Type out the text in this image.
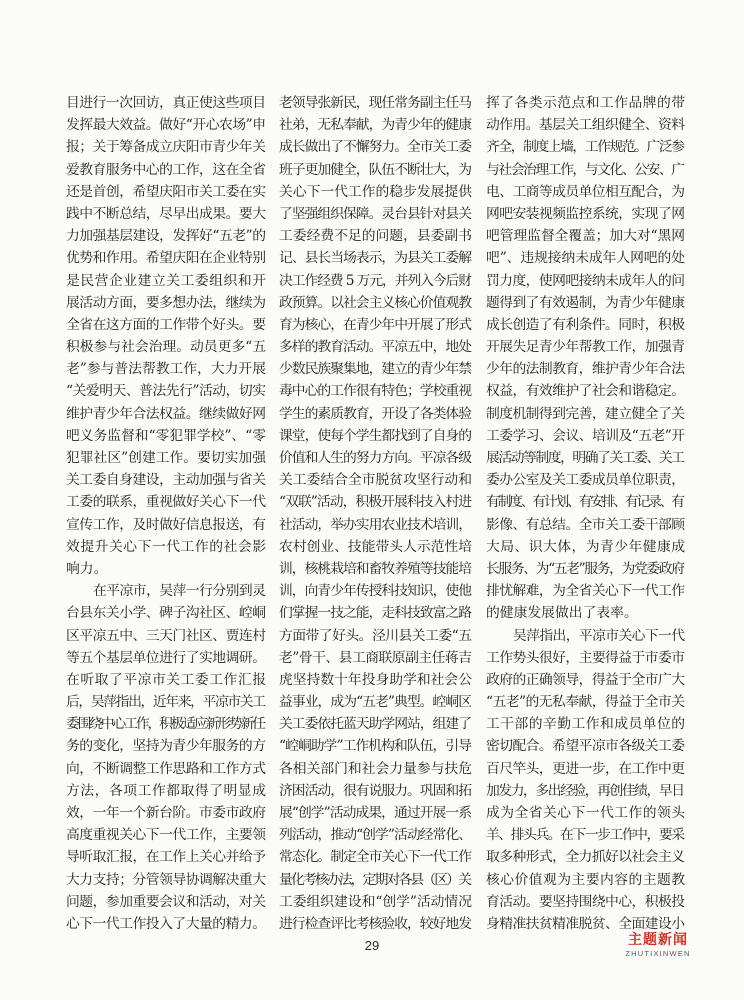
目进行一次回访，真正使这些项目
发挥最大效益。做好“开心农场”申
报；关于筹备成立庆阳市青少年关
爱教育服务中心的工作，这在全省
还是首创，希望庆阳市关工委在实
践中不断总结，尽早出成果。要大
力加强基层建设，发挥好“五老”的
优势和作用。希望庆阳在企业特别
是民营企业建立关工委组织和开
展活动方面，要多想办法，继续为
全省在这方面的工作带个好头。要
积极参与社会治理。动员更多“五
老”参与普法帮教工作，大力开展
“关爱明天、普法先行”活动，切实
维护青少年合法权益。继续做好网
吧义务监督和“零犯罪学校”、“零
犯罪社区”创建工作。要切实加强
关工委自身建设，主动加强与省关
工委的联系，重视做好关心下一代
宣传工作，及时做好信息报送，有
效提升关心下一代工作的社会影
响力。
在平凉市，吴萍一行分别到灵
台县东关小学、碑子沟社区、崆峒
区平凉五中、三天门社区、贾连村
等五个基层单位进行了实地调研。
在听取了平凉市关工委工作汇报
后，吴萍指出，近年来，平凉市关工
委围绕中心工作，积极适应新形势新任
务的变化，坚持为青少年服务的方
向，不断调整工作思路和工作方式
方法，各项工作都取得了明显成
效，一年一个新台阶。市委市政府
高度重视关心下一代工作，主要领
导听取汇报，在工作上关心并给予
大力支持；分管领导协调解决重大
问题，参加重要会议和活动，对关
心下一代工作投入了大量的精力。
老领导张新民，现任常务副主任马
社弟，无私奉献，为青少年的健康
成长做出了不懈努力。全市关工委
班子更加健全，队伍不断壮大，为
关心下一代工作的稳步发展提供
了坚强组织保障。灵台县针对县关
工委经费不足的问题，县委副书
记、县长当场表示，为县关工委解
决工作经费 5 万元，并列入今后财
政预算。以社会主义核心价值观教
育为核心，在青少年中开展了形式
多样的教育活动。平凉五中，地处
少数民族聚集地，建立的青少年禁
毒中心的工作很有特色；学校重视
学生的素质教育，开设了各类体验
课堂，使每个学生都找到了自身的
价值和人生的努力方向。平凉各级
关工委结合全市脱贫攻坚行动和
“双联”活动，积极开展科技入村进
社活动，举办实用农业技术培训，
农村创业、技能带头人示范性培
训，核桃栽培和畜牧养殖等技能培
训，向青少年传授科技知识，使他
们掌握一技之能，走科技致富之路
方面带了好头。泾川县关工委“五
老”骨干、县工商联原副主任蒋吉
虎坚持数十年投身助学和社会公
益事业，成为“五老”典型。崆峒区
关工委依托蓝天助学网站，组建了
“崆峒助学”工作机构和队伍，引导
各相关部门和社会力量参与扶危
济困活动，很有说服力。巩固和拓
展“创学”活动成果，通过开展一系
列活动，推动“创学”活动经常化、
常态化。制定全市关心下一代工作
量化考核办法，定期对各县（区）关
工委组织建设和“创学”活动情况
进行检查评比考核验收，较好地发
挥了各类示范点和工作品牌的带
动作用。基层关工组织健全、资料
齐全，制度上墙，工作规范。广泛参
与社会治理工作，与文化、公安、广
电、工商等成员单位相互配合，为
网吧安装视频监控系统，实现了网
吧管理监督全覆盖；加大对“黑网
吧”、违规接纳未成年人网吧的处
罚力度，使网吧接纳未成年人的问
题得到了有效遏制，为青少年健康
成长创造了有利条件。同时，积极
开展失足青少年帮教工作，加强青
少年的法制教育，维护青少年合法
权益，有效维护了社会和谐稳定。
制度机制得到完善，建立健全了关
工委学习、会议、培训及“五老”开
展活动等制度，明确了关工委、关工
委办公室及关工委成员单位职责，
有制度、有计划、有安排、有记录、有
影像、有总结。全市关工委干部顾
大局、识大体，为青少年健康成
长服务、为“五老”服务，为党委政府
排忧解难，为全省关心下一代工作
的健康发展做出了表率。
吴萍指出，平凉市关心下一代
工作势头很好，主要得益于市委市
政府的正确领导，得益于全市广大
“五老”的无私奉献，得益于全市关
工干部的辛勤工作和成员单位的
密切配合。希望平凉市各级关工委
百尺竿头，更进一步，在工作中更
加发力，多出经验，再创佳绩，早日
成为全省关心下一代工作的领头
羊、排头兵。在下一步工作中，要采
取多种形式，全力抓好以社会主义
核心价值观为主要内容的主题教
育活动。要坚持围绕中心，积极投
身精准扶贫精准脱贫、全面建设小
29	主题新闻
ZHUTIXINWEN
